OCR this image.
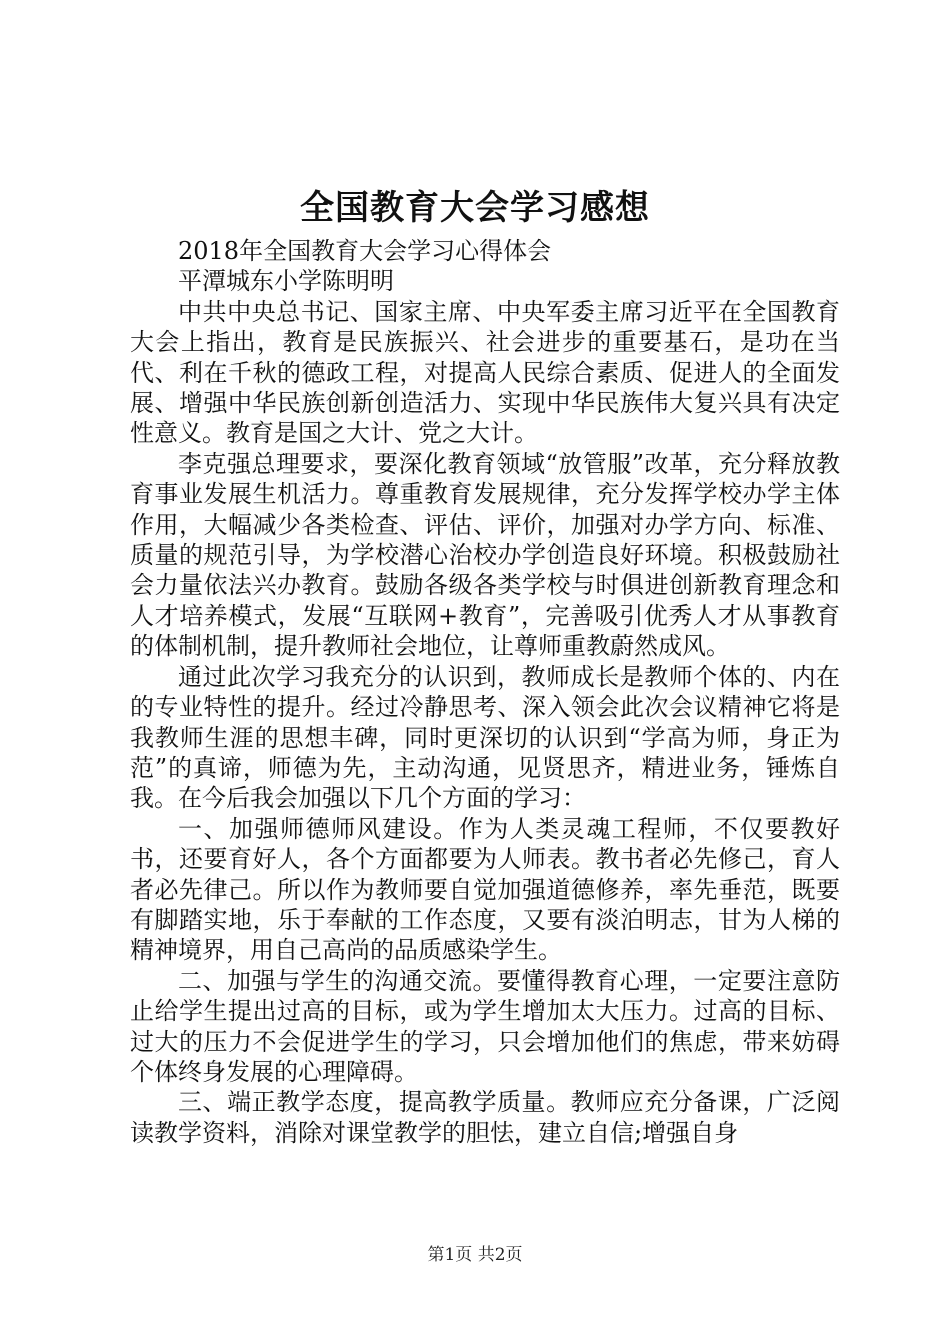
全国教育大会学习感想

2018年全国教育大会学习心得体会

平潭城东小学陈明明

中共中央总书记、国家主席、中央军委主席习近平在全国教育大会上指出，教育是民族振兴、社会进步的重要基石，是功在当代、利在千秋的德政工程，对提高人民综合素质、促进人的全面发展、增强中华民族创新创造活力、实现中华民族伟大复兴具有决定性意义。教育是国之大计、党之大计。

李克强总理要求，要深化教育领域“放管服”改革，充分释放教育事业发展生机活力。尊重教育发展规律，充分发挥学校办学主体作用，大幅减少各类检查、评估、评价，加强对办学方向、标准、质量的规范引导，为学校潜心治校办学创造良好环境。积极鼓励社会力量依法兴办教育。鼓励各级各类学校与时俱进创新教育理念和人才培养模式，发展“互联网+教育”，完善吸引优秀人才从事教育的体制机制，提升教师社会地位，让尊师重教蔚然成风。

通过此次学习我充分的认识到，教师成长是教师个体的、内在的专业特性的提升。经过冷静思考、深入领会此次会议精神它将是我教师生涯的思想丰碑，同时更深切的认识到“学高为师，身正为范”的真谛，师德为先，主动沟通，见贤思齐，精进业务，锤炼自我。在今后我会加强以下几个方面的学习：

一、加强师德师风建设。作为人类灵魂工程师，不仅要教好书，还要育好人，各个方面都要为人师表。教书者必先修己，育人者必先律己。所以作为教师要自觉加强道德修养，率先垂范，既要有脚踏实地，乐于奉献的工作态度，又要有淡泊明志，甘为人梯的精神境界，用自己高尚的品质感染学生。

二、加强与学生的沟通交流。要懂得教育心理，一定要注意防止给学生提出过高的目标，或为学生增加太大压力。过高的目标、过大的压力不会促进学生的学习，只会增加他们的焦虑，带来妨碍个体终身发展的心理障碍。

三、端正教学态度，提高教学质量。教师应充分备课，广泛阅读教学资料，消除对课堂教学的胆怯，建立自信;增强自身

第1页 共2页
